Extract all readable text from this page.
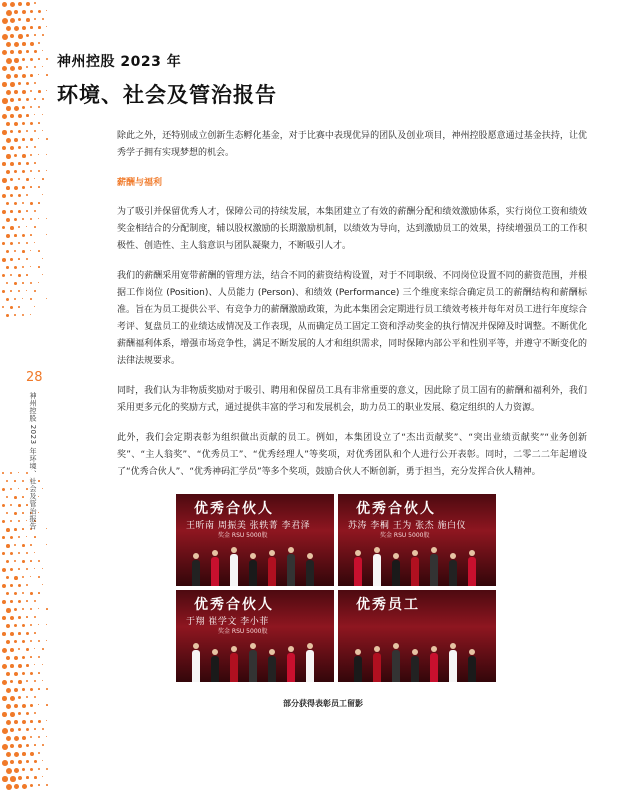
28
神州控股 2023 年环境、社会及管治报告
神州控股 2023 年
环境、社会及管治报告

除此之外，还特别成立创新生态孵化基金，对于比赛中表现优异的团队及创业项目，神州控股愿意通过基金扶持，让优秀学子拥有实现梦想的机会。

薪酬与福利

为了吸引并保留优秀人才，保障公司的持续发展，本集团建立了有效的薪酬分配和绩效激励体系，实行岗位工资和绩效奖金相结合的分配制度，辅以股权激励的长期激励机制，以绩效为导向，达到激励员工的效果，持续增强员工的工作积极性、创造性、主人翁意识与团队凝聚力，不断吸引人才。

我们的薪酬采用宽带薪酬的管理方法，结合不同的薪资结构设置，对于不同职级、不同岗位设置不同的薪资范围，并根据工作岗位 (Position)、人员能力 (Person)、和绩效 (Performance) 三个维度来综合确定员工的薪酬结构和薪酬标准。旨在为员工提供公平、有竞争力的薪酬激励政策，为此本集团会定期进行员工绩效考核并每年对员工进行年度综合考评、复盘员工的业绩达成情况及工作表现，从而确定员工固定工资和浮动奖金的执行情况并保障及时调整。不断优化薪酬福利体系，增强市场竞争性，满足不断发展的人才和组织需求，同时保障内部公平和性别平等，并遵守不断变化的法律法规要求。

同时，我们认为非物质奖励对于吸引、聘用和保留员工具有非常重要的意义，因此除了员工固有的薪酬和福利外，我们采用更多元化的奖励方式，通过提供丰富的学习和发展机会，助力员工的职业发展、稳定组织的人力资源。

此外，我们会定期表彰为组织做出贡献的员工。例如，本集团设立了“杰出贡献奖”、“突出业绩贡献奖”“业务创新奖”、“主人翁奖”、“优秀员工”、“优秀经理人”等奖项，对优秀团队和个人进行公开表彰。同时，二零二二年起增设了“优秀合伙人”、“优秀神码汇学员”等多个奖项，鼓励合伙人不断创新，勇于担当，充分发挥合伙人精神。

优秀合伙人
王昕南 周振美 张轶菁 李君泽
奖金 RSU 5000股
优秀合伙人
苏涛 李桐 王为 张杰 施白仪
奖金 RSU 5000股
优秀合伙人
于翔 崔学文 李小菲
奖金 RSU 5000股
优秀员工
部分获得表彰员工留影
